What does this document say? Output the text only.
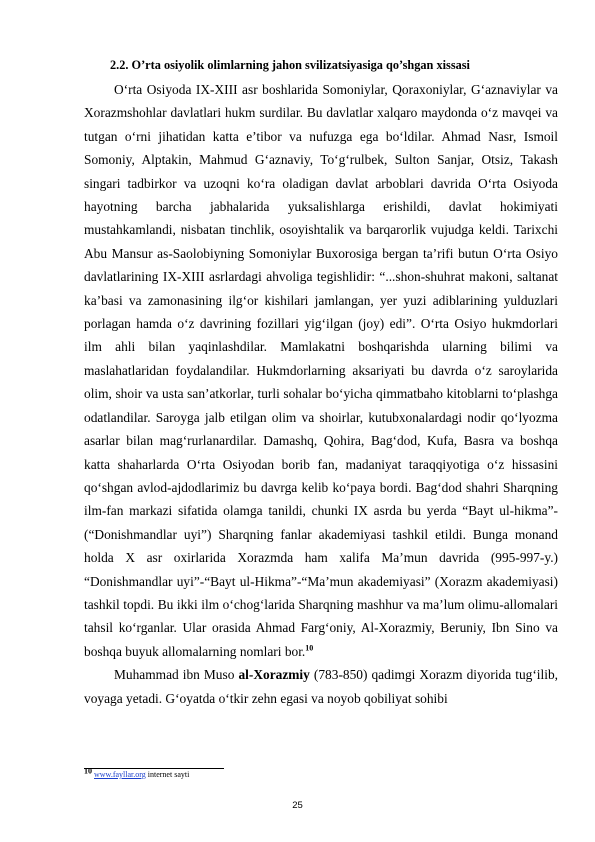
2.2. O’rta osiyolik olimlarning jahon svilizatsiyasiga qo’shgan xissasi

O‘rta Osiyoda IX-XIII asr boshlarida Somoniylar, Qoraxoniylar, G‘aznaviylar va Xorazmshohlar davlatlari hukm surdilar. Bu davlatlar xalqaro maydonda o‘z mavqei va tutgan o‘rni jihatidan katta e’tibor va nufuzga ega bo‘ldilar. Ahmad Nasr, Ismoil Somoniy, Alptakin, Mahmud G‘aznaviy, To‘g‘rulbek, Sulton Sanjar, Otsiz, Takash singari tadbirkor va uzoqni ko‘ra oladigan davlat arboblari davrida O‘rta Osiyoda hayotning barcha jabhalarida yuksalishlarga erishildi, davlat hokimiyati mustahkamlandi, nisbatan tinchlik, osoyishtalik va barqarorlik vujudga keldi. Tarixchi Abu Mansur as-Saolobiyning Somoniylar Buxorosiga bergan ta’rifi butun O‘rta Osiyo davlatlarining IX-XIII asrlardagi ahvoliga tegishlidir: “...shon-shuhrat makoni, saltanat ka’basi va zamonasining ilg‘or kishilari jamlangan, yer yuzi adiblarining yulduzlari porlagan hamda o‘z davrining fozillari yig‘ilgan (joy) edi”. O‘rta Osiyo hukmdorlari ilm ahli bilan yaqinlashdilar. Mamlakatni boshqarishda ularning bilimi va maslahatlaridan foydalandilar. Hukmdorlarning aksariyati bu davrda o‘z saroylarida olim, shoir va usta san’atkorlar, turli sohalar bo‘yicha qimmatbaho kitoblarni to‘plashga odatlandilar. Saroyga jalb etilgan olim va shoirlar, kutubxonalardagi nodir qo‘lyozma asarlar bilan mag‘rurlanardilar. Damashq, Qohira, Bag‘dod, Kufa, Basra va boshqa katta shaharlarda O‘rta Osiyodan borib fan, madaniyat taraqqiyotiga o‘z hissasini qo‘shgan avlod-ajdodlarimiz bu davrga kelib ko‘paya bordi. Bag‘dod shahri Sharqning ilm-fan markazi sifatida olamga tanildi, chunki IX asrda bu yerda “Bayt ul-hikma”-(“Donishmandlar uyi”) Sharqning fanlar akademiyasi tashkil etildi. Bunga monand holda X asr oxirlarida Xorazmda ham xalifa Ma’mun davrida (995-997-y.) “Donishmandlar uyi”-“Bayt ul-Hikma”-“Ma’mun akademiyasi” (Xorazm akademiyasi) tashkil topdi. Bu ikki ilm o‘chog‘larida Sharqning mashhur va ma’lum olimu-allomalari tahsil ko‘rganlar. Ular orasida Ahmad Farg‘oniy, Al-Xorazmiy, Beruniy, Ibn Sino va boshqa buyuk allomalarning nomlari bor.$^{10}$

Muhammad ibn Muso al-Xorazmiy (783-850) qadimgi Xorazm diyorida tug‘ilib, voyaga yetadi. G‘oyatda o‘tkir zehn egasi va noyob qobiliyat sohibi

$^{10}$ www.fayllar.org internet sayti
25
